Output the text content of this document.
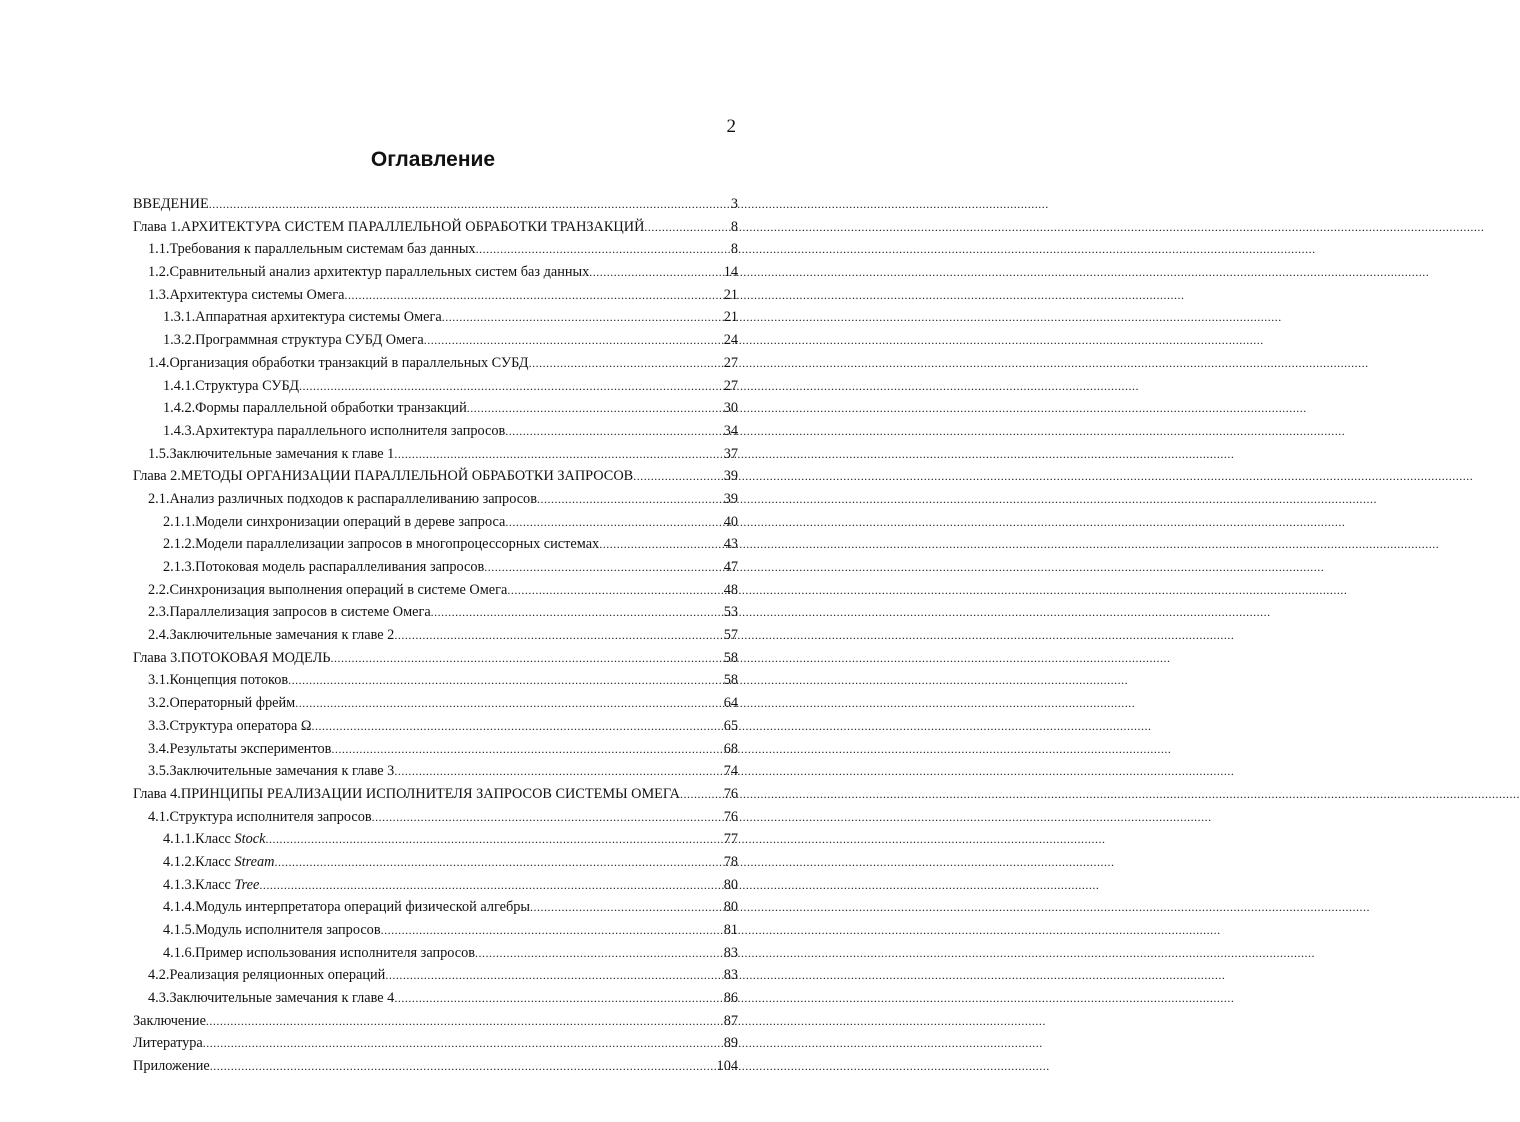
2
Оглавление
ВВЕДЕНИЕ .....	3
Глава 1. АРХИТЕКТУРА СИСТЕМ ПАРАЛЛЕЛЬНОЙ ОБРАБОТКИ ТРАНЗАКЦИЙ .....	8
1.1. Требования к параллельным системам баз данных .....	8
1.2. Сравнительный анализ архитектур параллельных систем баз данных .....	14
1.3. Архитектура системы Омега .....	21
1.3.1. Аппаратная архитектура системы Омега .....	21
1.3.2. Программная структура СУБД Омега .....	24
1.4. Организация обработки транзакций в параллельных СУБД .....	27
1.4.1. Структура СУБД .....	27
1.4.2. Формы параллельной обработки транзакций .....	30
1.4.3. Архитектура параллельного исполнителя запросов .....	34
1.5. Заключительные замечания к главе 1 .....	37
Глава 2. МЕТОДЫ ОРГАНИЗАЦИИ ПАРАЛЛЕЛЬНОЙ ОБРАБОТКИ ЗАПРОСОВ .....	39
2.1. Анализ различных подходов к распараллеливанию запросов .....	39
2.1.1. Модели синхронизации операций в дереве запроса .....	40
2.1.2. Модели параллелизации запросов в многопроцессорных системах .....	43
2.1.3. Потоковая модель распараллеливания запросов .....	47
2.2. Синхронизация выполнения операций в системе Омега .....	48
2.3. Параллелизация запросов в системе Омега .....	53
2.4. Заключительные замечания к главе 2 .....	57
Глава 3. ПОТОКОВАЯ МОДЕЛЬ .....	58
3.1. Концепция потоков .....	58
3.2. Операторный фрейм .....	64
3.3. Структура оператора Ω .....	65
3.4. Результаты экспериментов .....	68
3.5. Заключительные замечания к главе 3 .....	74
Глава 4. ПРИНЦИПЫ РЕАЛИЗАЦИИ ИСПОЛНИТЕЛЯ ЗАПРОСОВ СИСТЕМЫ ОМЕГА .....	76
4.1. Структура исполнителя запросов .....	76
4.1.1. Класс Stock .....	77
4.1.2. Класс Stream .....	78
4.1.3. Класс Tree .....	80
4.1.4. Модуль интерпретатора операций физической алгебры .....	80
4.1.5. Модуль исполнителя запросов .....	81
4.1.6. Пример использования исполнителя запросов .....	83
4.2. Реализация реляционных операций .....	83
4.3. Заключительные замечания к главе 4 .....	86
Заключение .....	87
Литература .....	89
Приложение .....	104
